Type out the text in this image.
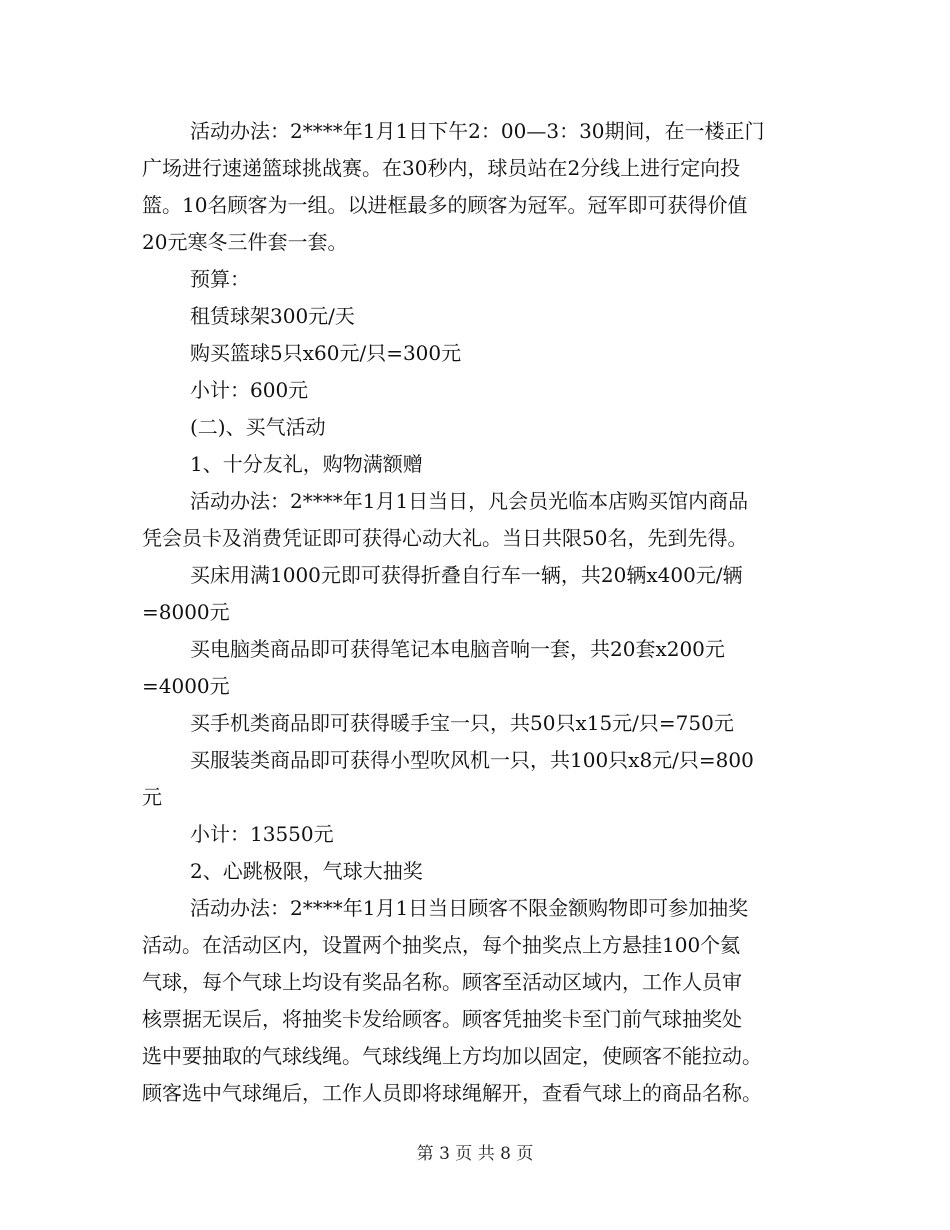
活动办法：2****年1月1日下午2：00—3：30期间，在一楼正门
广场进行速递篮球挑战赛。在30秒内，球员站在2分线上进行定向投
篮。10名顾客为一组。以进框最多的顾客为冠军。冠军即可获得价值
20元寒冬三件套一套。
预算：
租赁球架300元/天
购买篮球5只x60元/只=300元
小计：600元
(二)、买气活动
1、十分友礼，购物满额赠
活动办法：2****年1月1日当日，凡会员光临本店购买馆内商品
凭会员卡及消费凭证即可获得心动大礼。当日共限50名，先到先得。
买床用满1000元即可获得折叠自行车一辆，共20辆x400元/辆
=8000元
买电脑类商品即可获得笔记本电脑音响一套，共20套x200元
=4000元
买手机类商品即可获得暖手宝一只，共50只x15元/只=750元
买服装类商品即可获得小型吹风机一只，共100只x8元/只=800
元
小计：13550元
2、心跳极限，气球大抽奖
活动办法：2****年1月1日当日顾客不限金额购物即可参加抽奖
活动。在活动区内，设置两个抽奖点，每个抽奖点上方悬挂100个氦
气球，每个气球上均设有奖品名称。顾客至活动区域内，工作人员审
核票据无误后，将抽奖卡发给顾客。顾客凭抽奖卡至门前气球抽奖处
选中要抽取的气球线绳。气球线绳上方均加以固定，使顾客不能拉动。
顾客选中气球绳后，工作人员即将球绳解开，查看气球上的商品名称。
第 3 页 共 8 页
